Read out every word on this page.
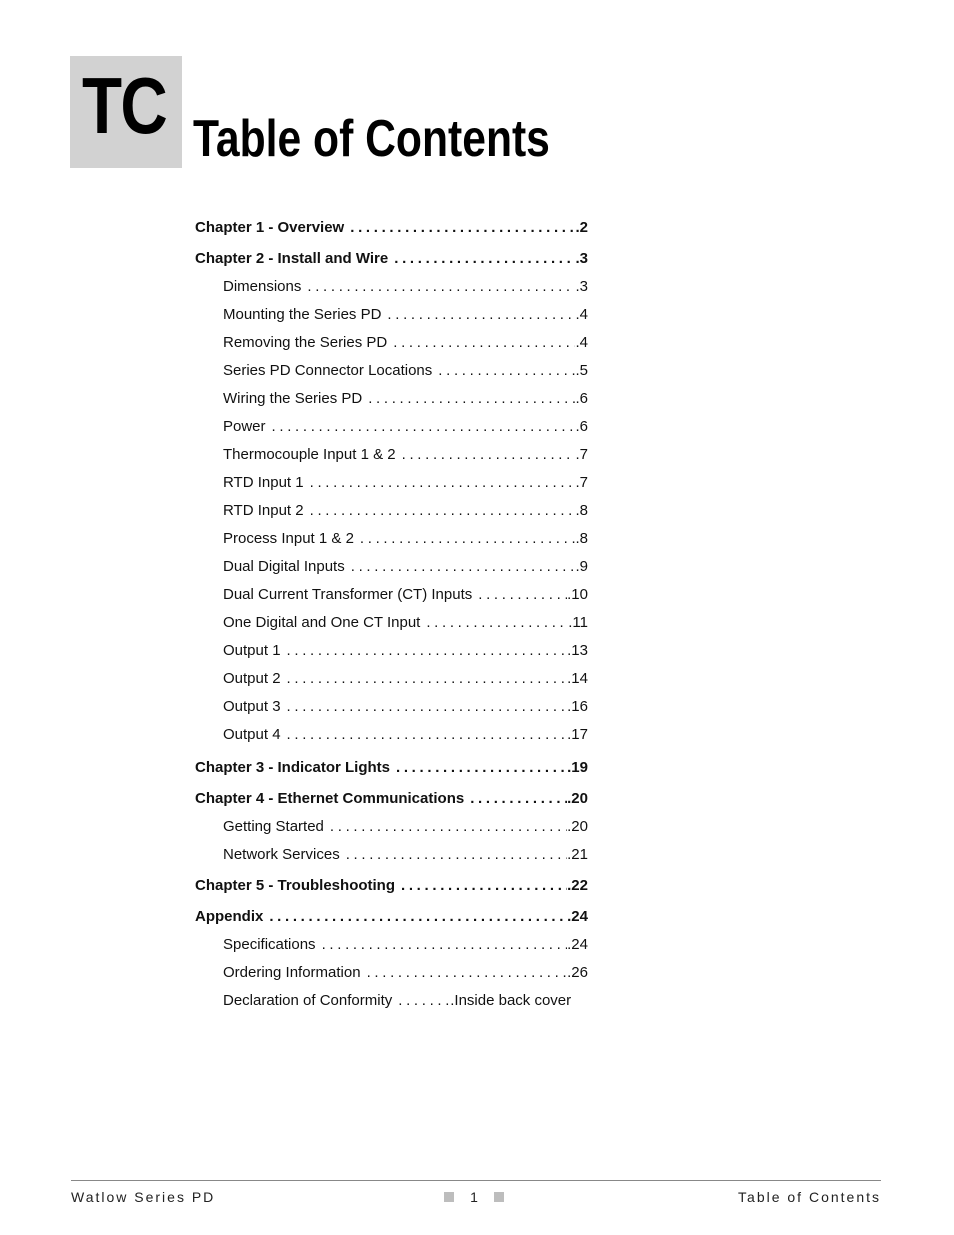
TC Table of Contents
Chapter 1 - Overview . . .	.2
Chapter 2 - Install and Wire . . .	.3
Dimensions . . .	.3
Mounting the Series PD . . .	.4
Removing the Series PD . . .	.4
Series PD Connector Locations . . .	.5
Wiring the Series PD . . .	.6
Power . . .	.6
Thermocouple Input 1 & 2 . . .	.7
RTD Input 1 . . .	.7
RTD Input 2 . . .	.8
Process Input 1 & 2 . . .	.8
Dual Digital Inputs . . .	.9
Dual Current Transformer (CT) Inputs . . .	.10
One Digital and One CT Input . . .	.11
Output 1 . . .	.13
Output 2 . . .	.14
Output 3 . . .	.16
Output 4 . . .	.17
Chapter 3 - Indicator Lights . . .	.19
Chapter 4 - Ethernet Communications . . .	.20
Getting Started . . .	.20
Network Services . . .	.21
Chapter 5 - Troubleshooting . . .	.22
Appendix . . .	.24
Specifications . . .	.24
Ordering Information . . .	.26
Declaration of Conformity . . .	.Inside back cover
Watlow Series PD	1	Table of Contents
